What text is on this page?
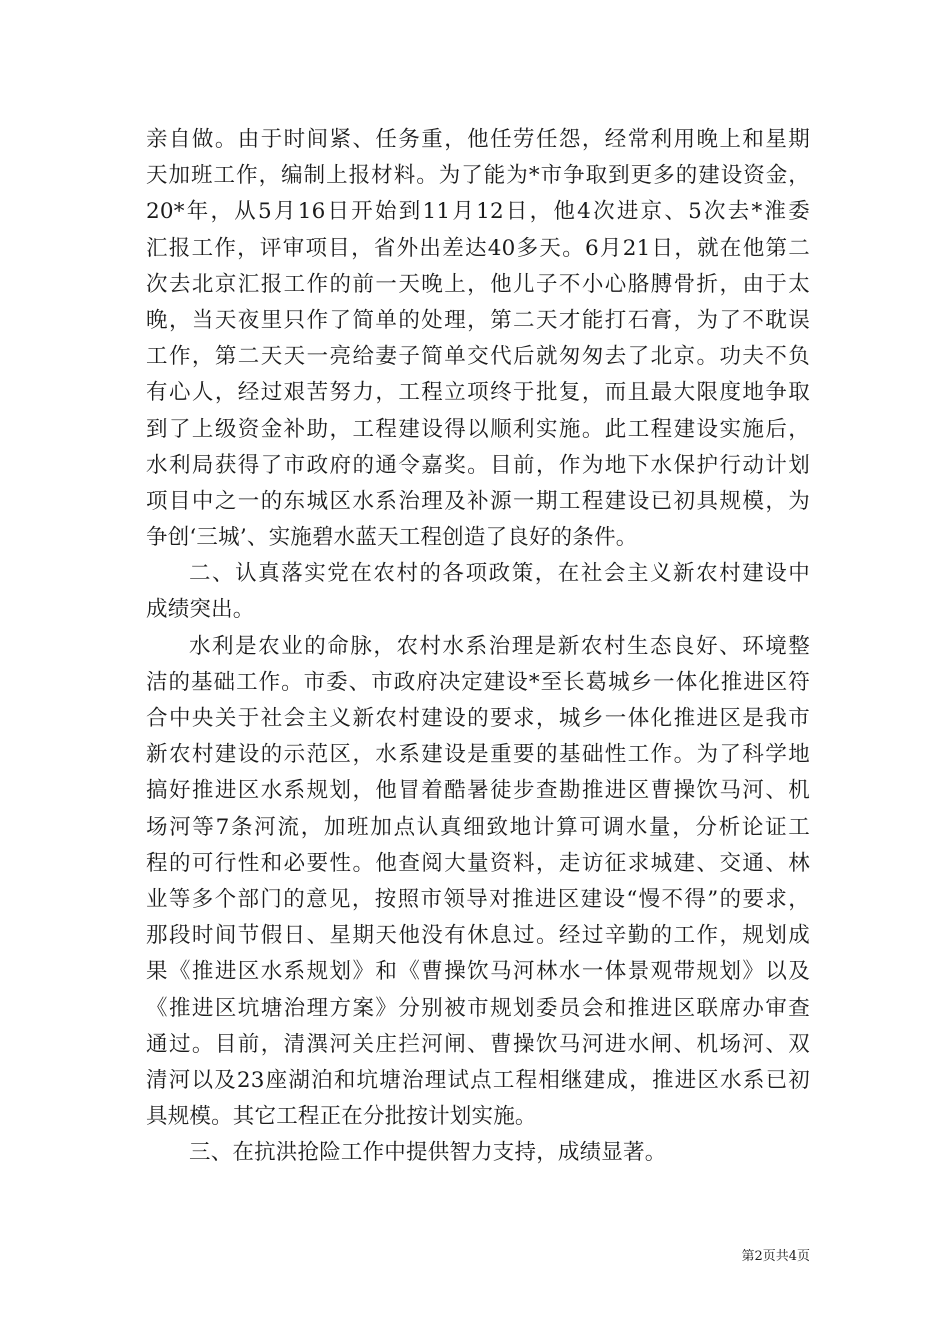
亲自做。由于时间紧、任务重，他任劳任怨，经常利用晚上和星期
天加班工作，编制上报材料。为了能为*市争取到更多的建设资金，
20*年，从5月16日开始到11月12日，他4次进京、5次去*淮委
汇报工作，评审项目，省外出差达40多天。6月21日，就在他第二
次去北京汇报工作的前一天晚上，他儿子不小心胳膊骨折，由于太
晚，当天夜里只作了简单的处理，第二天才能打石膏，为了不耽误
工作，第二天天一亮给妻子简单交代后就匆匆去了北京。功夫不负
有心人，经过艰苦努力，工程立项终于批复，而且最大限度地争取
到了上级资金补助，工程建设得以顺利实施。此工程建设实施后，
水利局获得了市政府的通令嘉奖。目前，作为地下水保护行动计划
项目中之一的东城区水系治理及补源一期工程建设已初具规模，为
争创‘三城’、实施碧水蓝天工程创造了良好的条件。
二、认真落实党在农村的各项政策，在社会主义新农村建设中
成绩突出。
水利是农业的命脉，农村水系治理是新农村生态良好、环境整
洁的基础工作。市委、市政府决定建设*至长葛城乡一体化推进区符
合中央关于社会主义新农村建设的要求，城乡一体化推进区是我市
新农村建设的示范区，水系建设是重要的基础性工作。为了科学地
搞好推进区水系规划，他冒着酷暑徒步查勘推进区曹操饮马河、机
场河等7条河流，加班加点认真细致地计算可调水量，分析论证工
程的可行性和必要性。他查阅大量资料，走访征求城建、交通、林
业等多个部门的意见，按照市领导对推进区建设“慢不得”的要求，
那段时间节假日、星期天他没有休息过。经过辛勤的工作，规划成
果《推进区水系规划》和《曹操饮马河林水一体景观带规划》以及
《推进区坑塘治理方案》分别被市规划委员会和推进区联席办审查
通过。目前，清潩河关庄拦河闸、曹操饮马河进水闸、机场河、双
清河以及23座湖泊和坑塘治理试点工程相继建成，推进区水系已初
具规模。其它工程正在分批按计划实施。
三、在抗洪抢险工作中提供智力支持，成绩显著。
第2页共4页
